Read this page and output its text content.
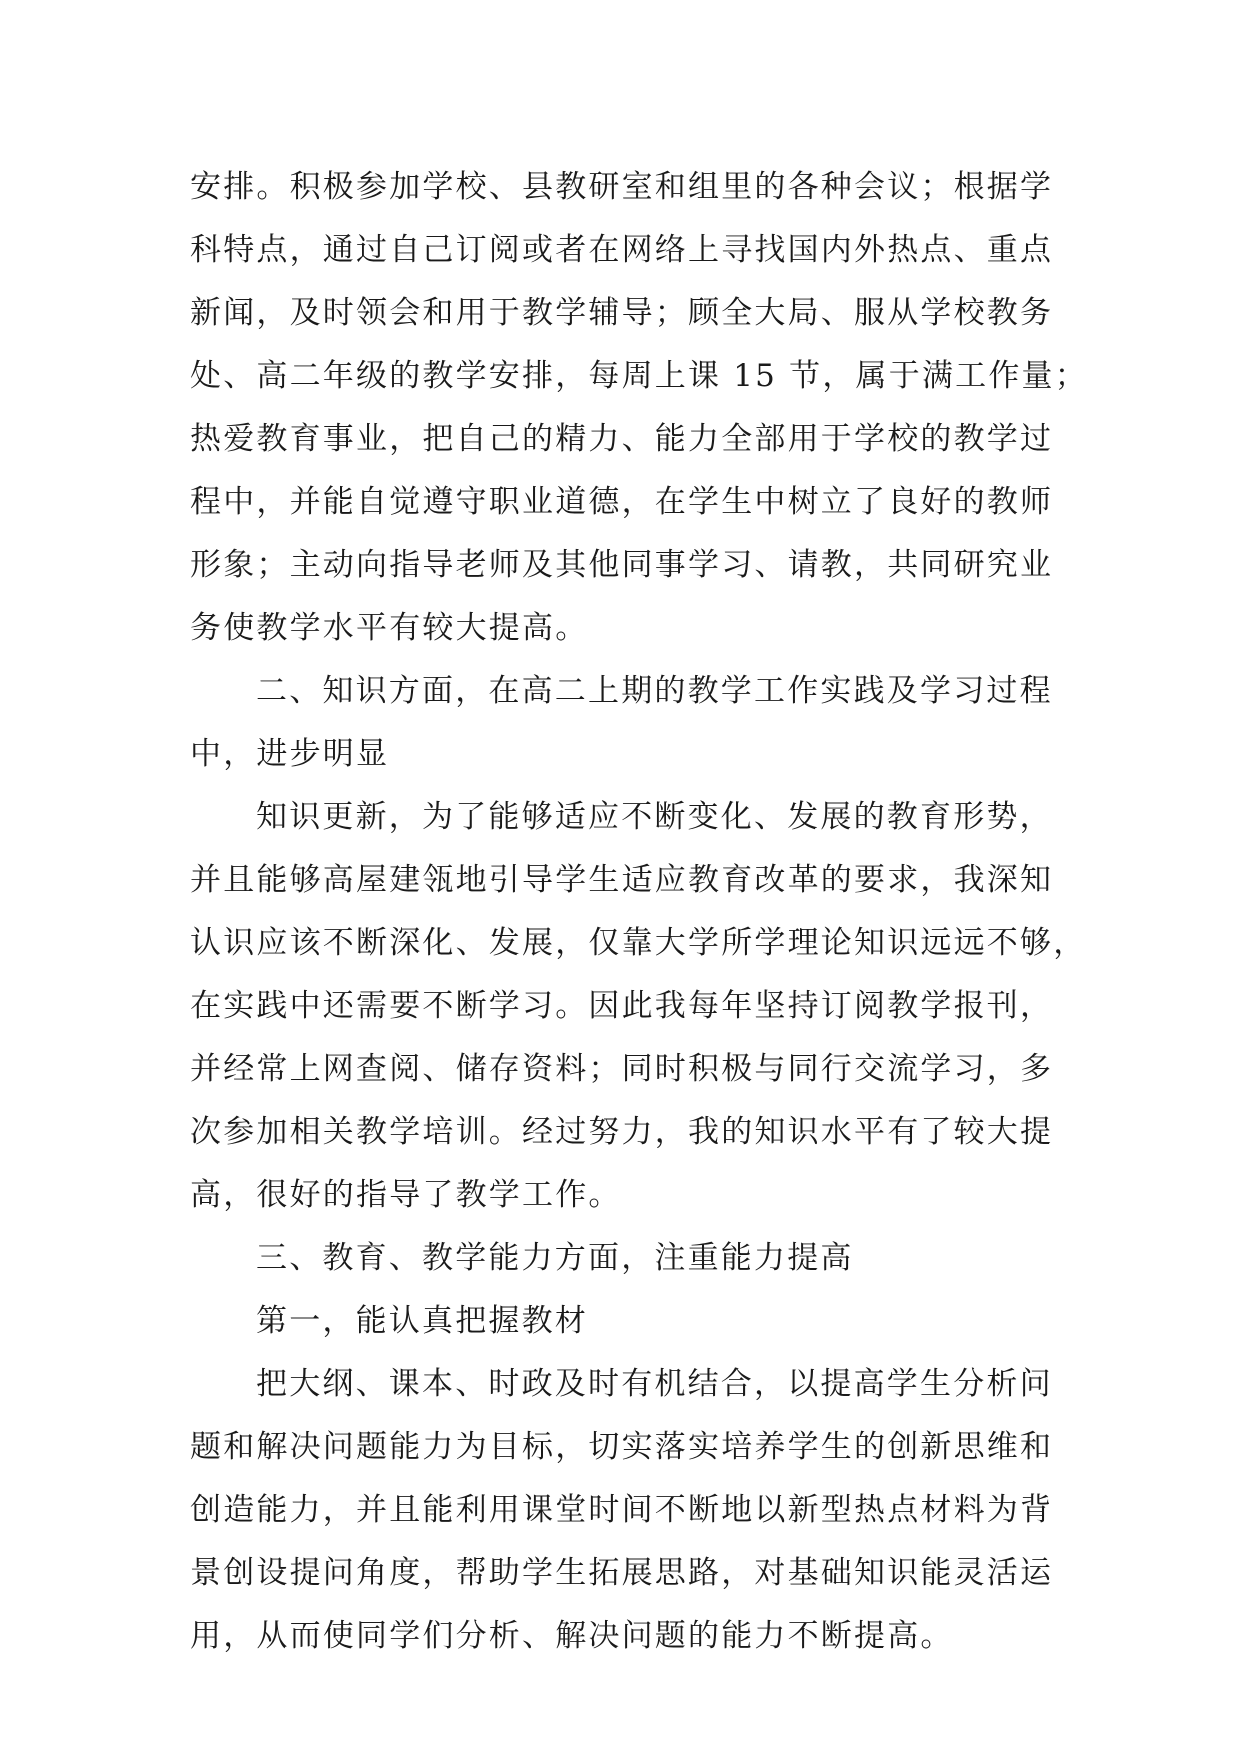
安排。积极参加学校、县教研室和组里的各种会议；根据学
科特点，通过自己订阅或者在网络上寻找国内外热点、重点
新闻，及时领会和用于教学辅导；顾全大局、服从学校教务
处、高二年级的教学安排，每周上课 15 节，属于满工作量；
热爱教育事业，把自己的精力、能力全部用于学校的教学过
程中，并能自觉遵守职业道德，在学生中树立了良好的教师
形象；主动向指导老师及其他同事学习、请教，共同研究业
务使教学水平有较大提高。
二、知识方面，在高二上期的教学工作实践及学习过程
中，进步明显
知识更新，为了能够适应不断变化、发展的教育形势，
并且能够高屋建瓴地引导学生适应教育改革的要求，我深知
认识应该不断深化、发展，仅靠大学所学理论知识远远不够，
在实践中还需要不断学习。因此我每年坚持订阅教学报刊，
并经常上网查阅、储存资料；同时积极与同行交流学习，多
次参加相关教学培训。经过努力，我的知识水平有了较大提
高，很好的指导了教学工作。
三、教育、教学能力方面，注重能力提高
第一，能认真把握教材
把大纲、课本、时政及时有机结合，以提高学生分析问
题和解决问题能力为目标，切实落实培养学生的创新思维和
创造能力，并且能利用课堂时间不断地以新型热点材料为背
景创设提问角度，帮助学生拓展思路，对基础知识能灵活运
用，从而使同学们分析、解决问题的能力不断提高。
